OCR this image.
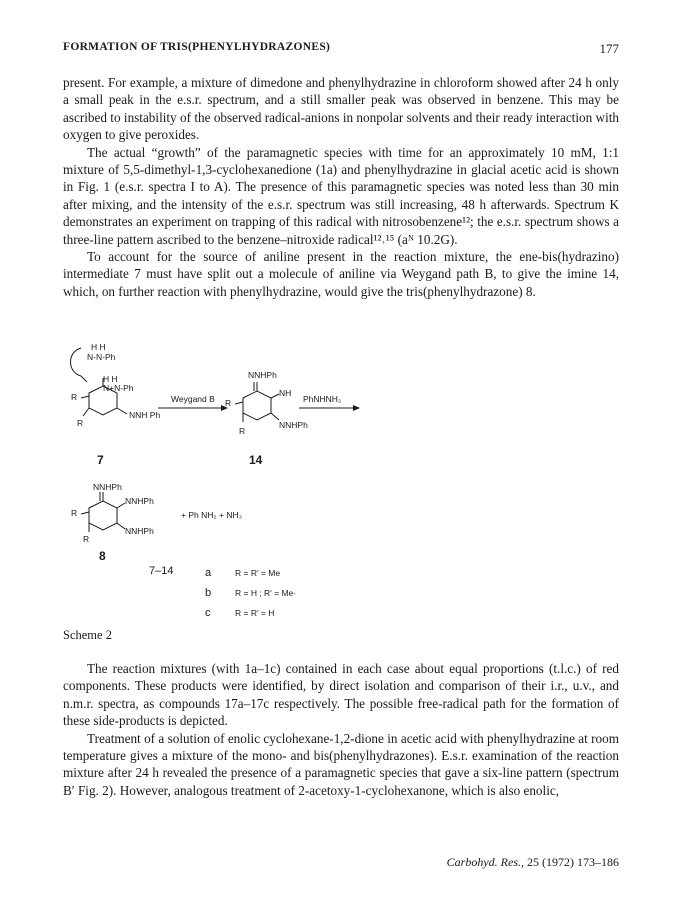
FORMATION OF TRIS(PHENYLHYDRAZONES)	177

present. For example, a mixture of dimedone and phenylhydrazine in chloroform showed after 24 h only a small peak in the e.s.r. spectrum, and a still smaller peak was observed in benzene. This may be ascribed to instability of the observed radical-anions in nonpolar solvents and their ready interaction with oxygen to give peroxides.

The actual “growth” of the paramagnetic species with time for an approximately 10 mM, 1:1 mixture of 5,5-dimethyl-1,3-cyclohexanedione (1a) and phenylhydrazine in glacial acetic acid is shown in Fig. 1 (e.s.r. spectra I to A). The presence of this paramagnetic species was noted less than 30 min after mixing, and the intensity of the e.s.r. spectrum was still increasing, 48 h afterwards. Spectrum K demonstrates an experiment on trapping of this radical with nitrosobenzene¹²; the e.s.r. spectrum shows a three-line pattern ascribed to the benzene–nitroxide radical¹²˒¹⁵ (aᴺ 10.2G).

To account for the source of aniline present in the reaction mixture, the ene-bis(hydrazino) intermediate 7 must have split out a molecule of aniline via Weygand path B, to give the imine 14, which, on further reaction with phenylhydrazine, would give the tris(phenylhydrazone) 8.

H H
N-N-Ph
H H
N+N-Ph
R
NNH Ph
R
Weygand B
NNHPh
NH
R
NNHPh
R
PhNHNH₂
7	14
NNHPh
NNHPh
R
NNHPh
R
+ Ph NH₂ + NH₃
8
7–14	a	R = R′ = Me
b	R = H ; R′ = Me·
c	R = R′ = H
Scheme 2

The reaction mixtures (with 1a–1c) contained in each case about equal proportions (t.l.c.) of red components. These products were identified, by direct isolation and comparison of their i.r., u.v., and n.m.r. spectra, as compounds 17a–17c respectively. The possible free-radical path for the formation of these side-products is depicted.

Treatment of a solution of enolic cyclohexane-1,2-dione in acetic acid with phenylhydrazine at room temperature gives a mixture of the mono- and bis(phenylhydrazones). E.s.r. examination of the reaction mixture after 24 h revealed the presence of a paramagnetic species that gave a six-line pattern (spectrum B′ Fig. 2). However, analogous treatment of 2-acetoxy-1-cyclohexanone, which is also enolic,

Carbohyd. Res., 25 (1972) 173–186
